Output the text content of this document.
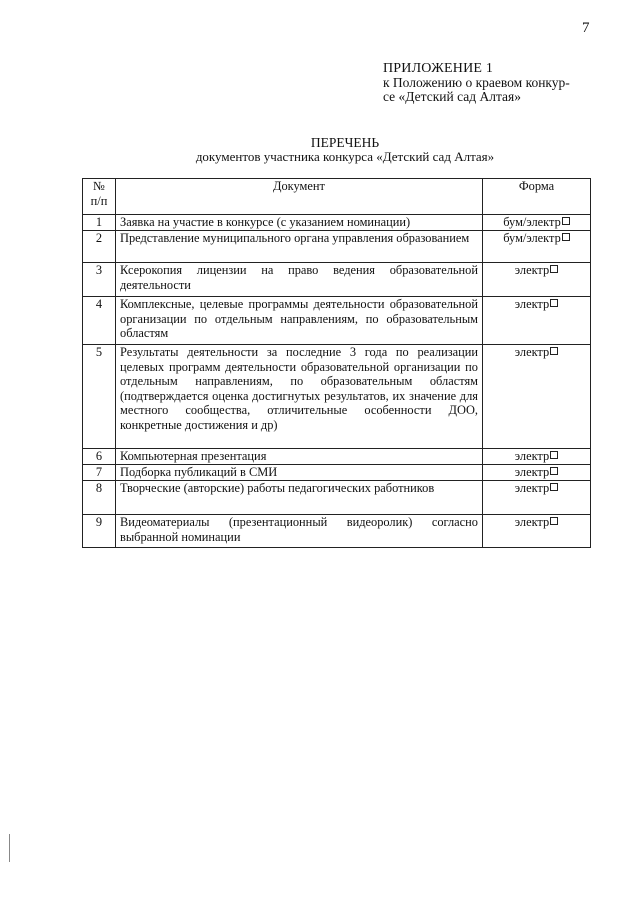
7
ПРИЛОЖЕНИЕ 1
к Положению о краевом конкур-
се «Детский сад Алтая»
ПЕРЕЧЕНЬ
документов участника конкурса «Детский сад Алтая»
№
п/п	Документ	Форма
1	Заявка на участие в конкурсе (с указанием номинации)	бум/электр
2	Представление муниципального органа управления образованием	бум/электр
3	Ксерокопия лицензии на право ведения образовательной деятельности	электр
4	Комплексные, целевые программы деятельности образовательной организации по отдельным направлениям, по образовательным областям	электр
5	Результаты деятельности за последние 3 года по реализации целевых программ деятельности образовательной организации по отдельным направлениям, по образовательным областям (подтверждается оценка достигнутых результатов, их значение для местного сообщества, отличительные особенности ДОО, конкретные достижения и др)	электр
6	Компьютерная презентация	электр
7	Подборка публикаций в СМИ	электр
8	Творческие (авторские) работы педагогических работников	электр
9	Видеоматериалы (презентационный видеоролик) согласно выбранной номинации	электр
